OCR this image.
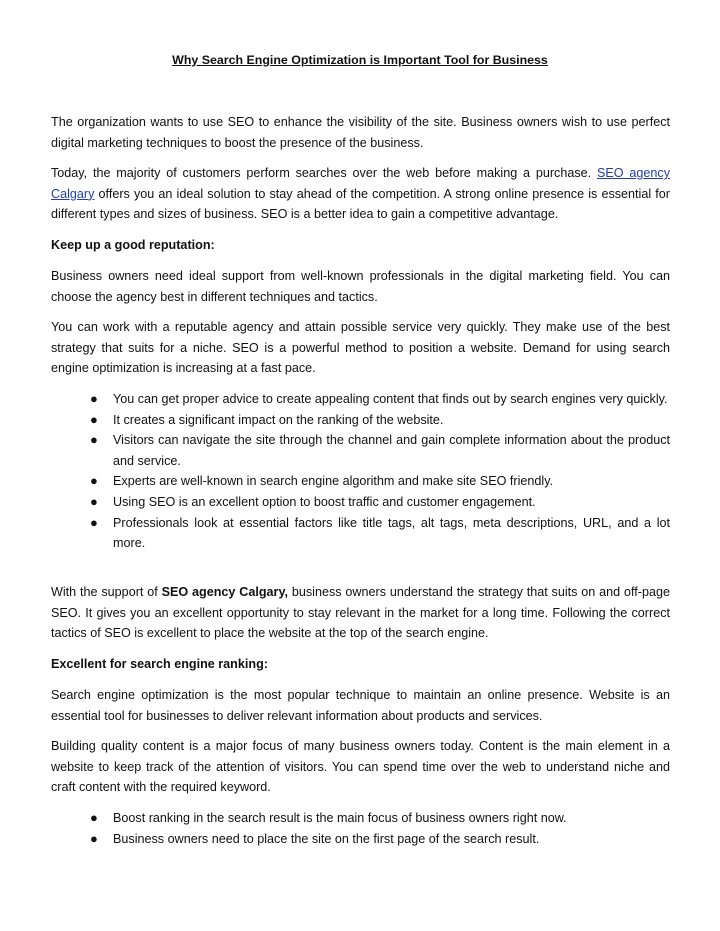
Why Search Engine Optimization is Important Tool for Business

The organization wants to use SEO to enhance the visibility of the site. Business owners wish to use perfect digital marketing techniques to boost the presence of the business.

Today, the majority of customers perform searches over the web before making a purchase. SEO agency Calgary offers you an ideal solution to stay ahead of the competition. A strong online presence is essential for different types and sizes of business. SEO is a better idea to gain a competitive advantage.

Keep up a good reputation:

Business owners need ideal support from well-known professionals in the digital marketing field. You can choose the agency best in different techniques and tactics.

You can work with a reputable agency and attain possible service very quickly. They make use of the best strategy that suits for a niche. SEO is a powerful method to position a website. Demand for using search engine optimization is increasing at a fast pace.

● You can get proper advice to create appealing content that finds out by search engines very quickly.
● It creates a significant impact on the ranking of the website.
● Visitors can navigate the site through the channel and gain complete information about the product and service.
● Experts are well-known in search engine algorithm and make site SEO friendly.
● Using SEO is an excellent option to boost traffic and customer engagement.
● Professionals look at essential factors like title tags, alt tags, meta descriptions, URL, and a lot more.

With the support of SEO agency Calgary, business owners understand the strategy that suits on and off-page SEO. It gives you an excellent opportunity to stay relevant in the market for a long time. Following the correct tactics of SEO is excellent to place the website at the top of the search engine.

Excellent for search engine ranking:

Search engine optimization is the most popular technique to maintain an online presence. Website is an essential tool for businesses to deliver relevant information about products and services.

Building quality content is a major focus of many business owners today. Content is the main element in a website to keep track of the attention of visitors. You can spend time over the web to understand niche and craft content with the required keyword.

● Boost ranking in the search result is the main focus of business owners right now.
● Business owners need to place the site on the first page of the search result.
